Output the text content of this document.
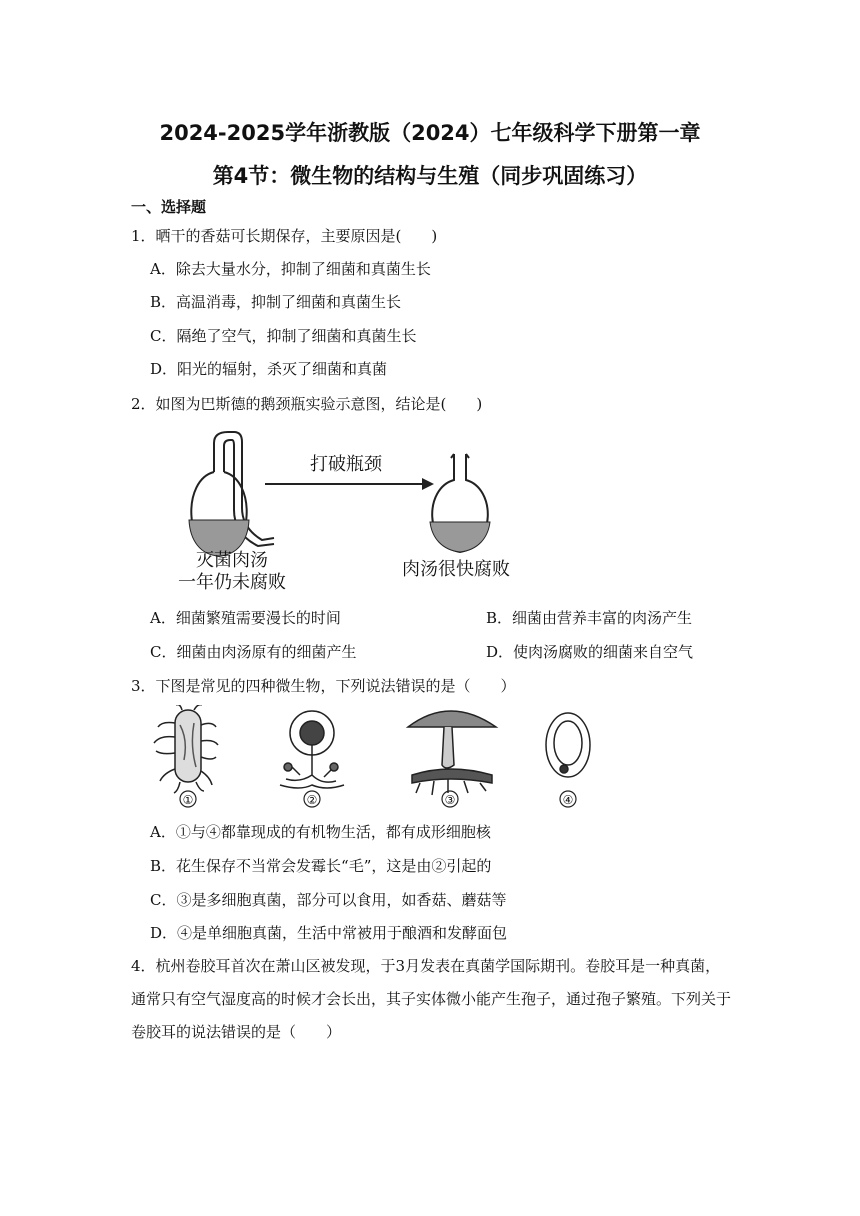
2024-2025学年浙教版（2024）七年级科学下册第一章
第4节：微生物的结构与生殖（同步巩固练习）
一、选择题
1．晒干的香菇可长期保存，主要原因是(　　)
A．除去大量水分，抑制了细菌和真菌生长
B．高温消毒，抑制了细菌和真菌生长
C．隔绝了空气，抑制了细菌和真菌生长
D．阳光的辐射，杀灭了细菌和真菌
2．如图为巴斯德的鹅颈瓶实验示意图，结论是(　　)
打破瓶颈
灭菌肉汤
一年仍未腐败
肉汤很快腐败
A．细菌繁殖需要漫长的时间	B．细菌由营养丰富的肉汤产生
C．细菌由肉汤原有的细菌产生	D．使肉汤腐败的细菌来自空气
3．下图是常见的四种微生物，下列说法错误的是（　　）
①	②	③	④
A．①与④都靠现成的有机物生活，都有成形细胞核
B．花生保存不当常会发霉长“毛”，这是由②引起的
C．③是多细胞真菌，部分可以食用，如香菇、蘑菇等
D．④是单细胞真菌，生活中常被用于酿酒和发酵面包
4．杭州卷胶耳首次在萧山区被发现，于3月发表在真菌学国际期刊。卷胶耳是一种真菌，通常只有空气湿度高的时候才会长出，其子实体微小能产生孢子，通过孢子繁殖。下列关于卷胶耳的说法错误的是（　　）
